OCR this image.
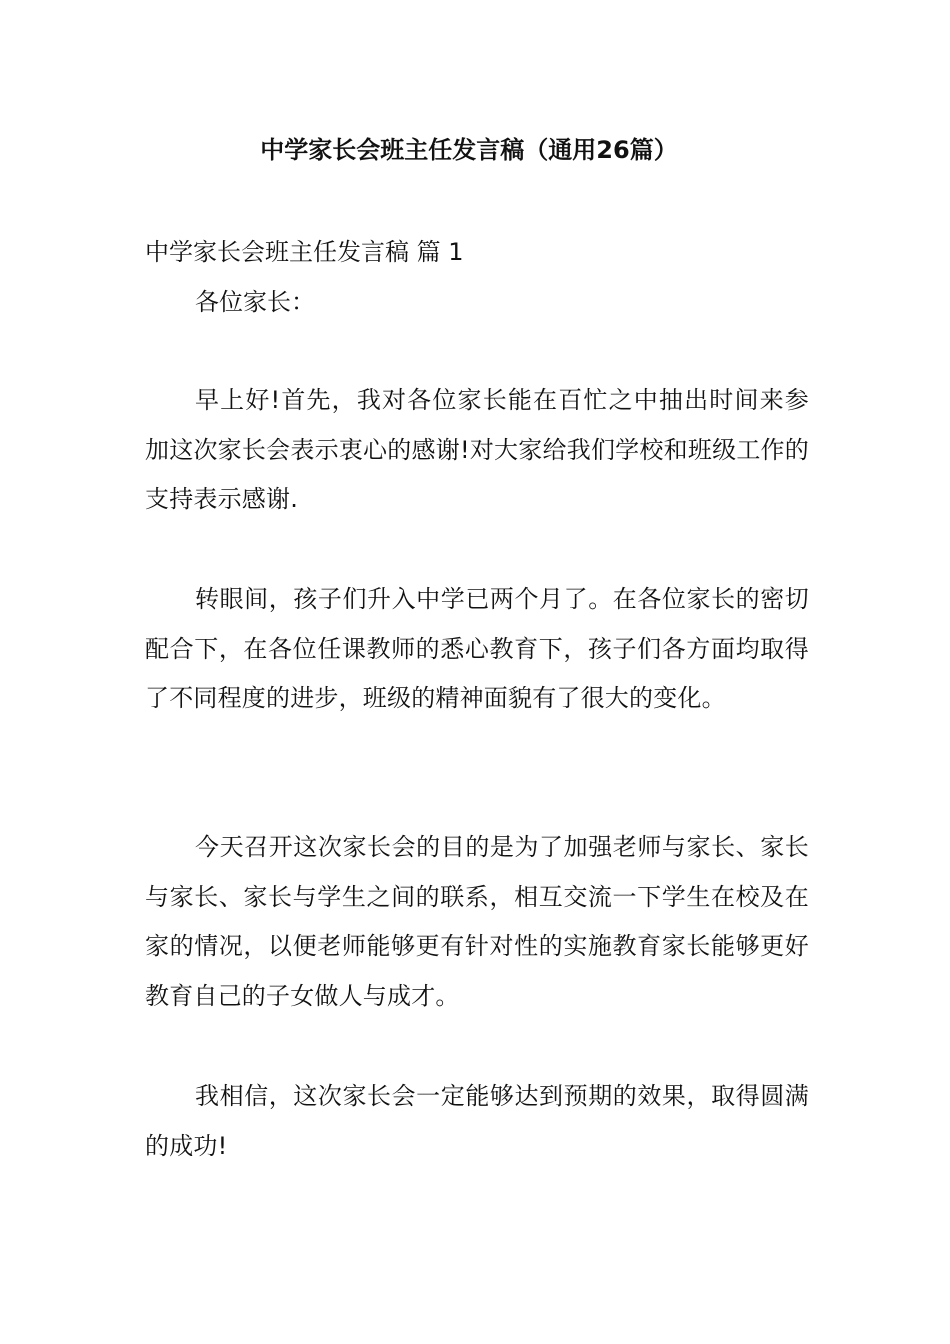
中学家长会班主任发言稿（通用26篇）
中学家长会班主任发言稿 篇 1
各位家长：

早上好!首先，我对各位家长能在百忙之中抽出时间来参加这次家长会表示衷心的感谢!对大家给我们学校和班级工作的支持表示感谢.

转眼间，孩子们升入中学已两个月了。在各位家长的密切配合下，在各位任课教师的悉心教育下，孩子们各方面均取得了不同程度的进步，班级的精神面貌有了很大的变化。

今天召开这次家长会的目的是为了加强老师与家长、家长与家长、家长与学生之间的联系，相互交流一下学生在校及在家的情况，以便老师能够更有针对性的实施教育家长能够更好教育自己的子女做人与成才。

我相信，这次家长会一定能够达到预期的效果，取得圆满的成功!
